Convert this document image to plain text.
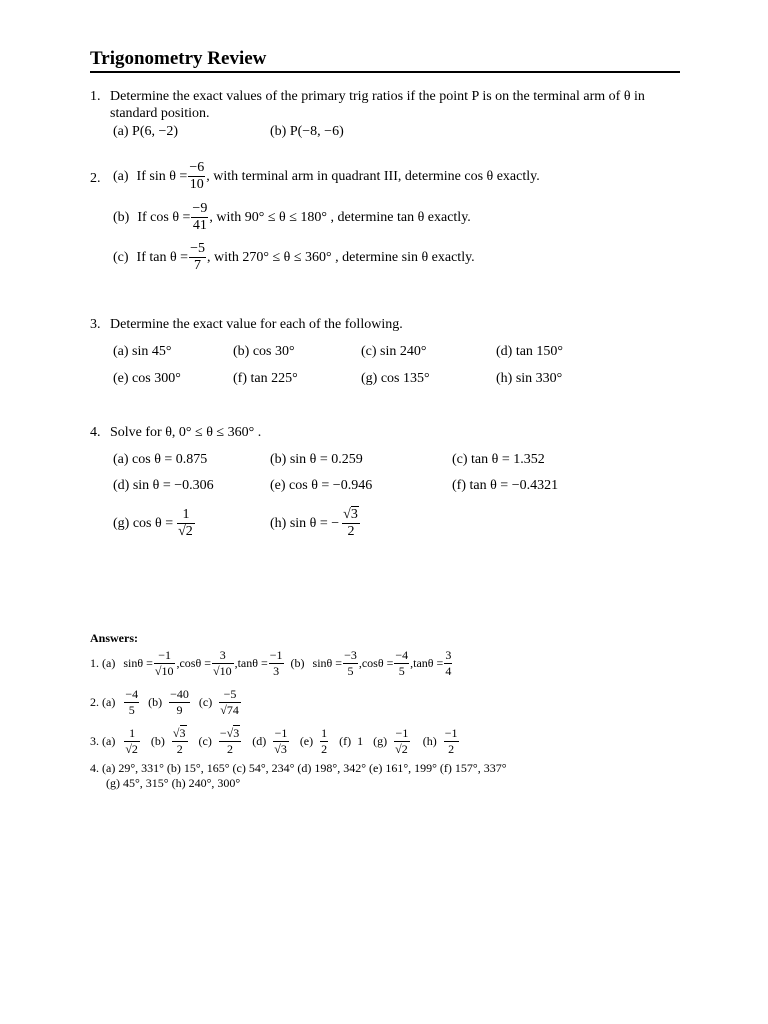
Trigonometry Review
1. Determine the exact values of the primary trig ratios if the point P is on the terminal arm of θ in
standard position.
(a) P(6, −2)	(b) P(−8, −6)
2. (a) If $\sin \theta = \frac{-6}{10}$ , with terminal arm in quadrant III, determine cos θ exactly.
(b) If $\cos \theta = \frac{-9}{41}$ , with 90° ≤ θ ≤ 180° , determine tan θ exactly.
(c) If $\tan \theta = \frac{-5}{7}$ , with 270° ≤ θ ≤ 360° , determine sin θ exactly.
3. Determine the exact value for each of the following.
(a) sin 45°	(b) cos 30°	(c) sin 240°	(d) tan 150°
(e) cos 300°	(f) tan 225°	(g) cos 135°	(h) sin 330°
4. Solve for θ, 0° ≤ θ ≤ 360° .
(a) cos θ = 0.875	(b) sin θ = 0.259	(c) tan θ = 1.352
(d) sin θ = −0.306	(e) cos θ = −0.946	(f) tan θ = −0.4321
(g) $\cos \theta = \frac{1}{√2}$	(h) sin θ = − $\frac{√3}{2}$
Answers:
1. (a) $\sin\theta = \frac{-1}{√10} ,\cos\theta = \frac{3}{√10} ,\tan\theta = \frac{-1}{3} (b) \sin\theta = \frac{-3}{5} ,\cos\theta = \frac{-4}{5} ,\tan\theta = \frac{3}{4}$
2. $(a) \frac{-4}{5} (b) \frac{-40}{9} (c) \frac{-5}{√74}$
3. $(a) \frac{1}{√2} (b) \frac{√3}{2} (c) \frac{-√3}{2} (d) \frac{-1}{√3} (e) \frac{1}{2} (f)$ 1 $(g) \frac{-1}{√2} (h) \frac{-1}{2}$
4. (a) 29°, 331° (b) 15°, 165° (c) 54°, 234° (d) 198°, 342° (e) 161°, 199° (f) 157°, 337°
(g) 45°, 315° (h) 240°, 300°
